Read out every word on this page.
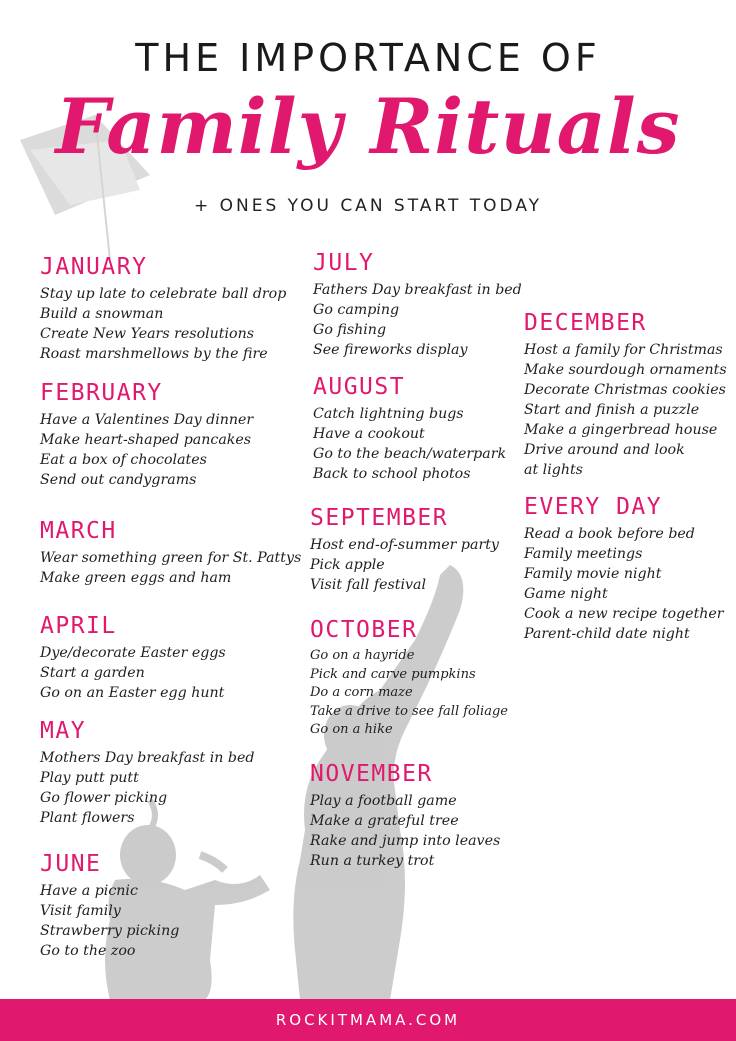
THE IMPORTANCE OF
Family Rituals
+ ONES YOU CAN START TODAY
JANUARY
Stay up late to celebrate ball drop
Build a snowman
Create New Years resolutions
Roast marshmellows by the fire
FEBRUARY
Have a Valentines Day dinner
Make heart-shaped pancakes
Eat a box of chocolates
Send out candygrams
MARCH
Wear something green for St. Pattys
Make green eggs and ham
APRIL
Dye/decorate Easter eggs
Start a garden
Go on an Easter egg hunt
MAY
Mothers Day breakfast in bed
Play putt putt
Go flower picking
Plant flowers
JUNE
Have a picnic
Visit family
Strawberry picking
Go to the zoo
JULY
Fathers Day breakfast in bed
Go camping
Go fishing
See fireworks display
AUGUST
Catch lightning bugs
Have a cookout
Go to the beach/waterpark
Back to school photos
SEPTEMBER
Host end-of-summer party
Pick apple
Visit fall festival
OCTOBER
Go on a hayride
Pick and carve pumpkins
Do a corn maze
Take a drive to see fall foliage
Go on a hike
NOVEMBER
Play a football game
Make a grateful tree
Rake and jump into leaves
Run a turkey trot
DECEMBER
Host a family for Christmas
Make sourdough ornaments
Decorate Christmas cookies
Start and finish a puzzle
Make a gingerbread house
Drive around and look
at lights
EVERY DAY
Read a book before bed
Family meetings
Family movie night
Game night
Cook a new recipe together
Parent-child date night
ROCKITMAMA.COM
